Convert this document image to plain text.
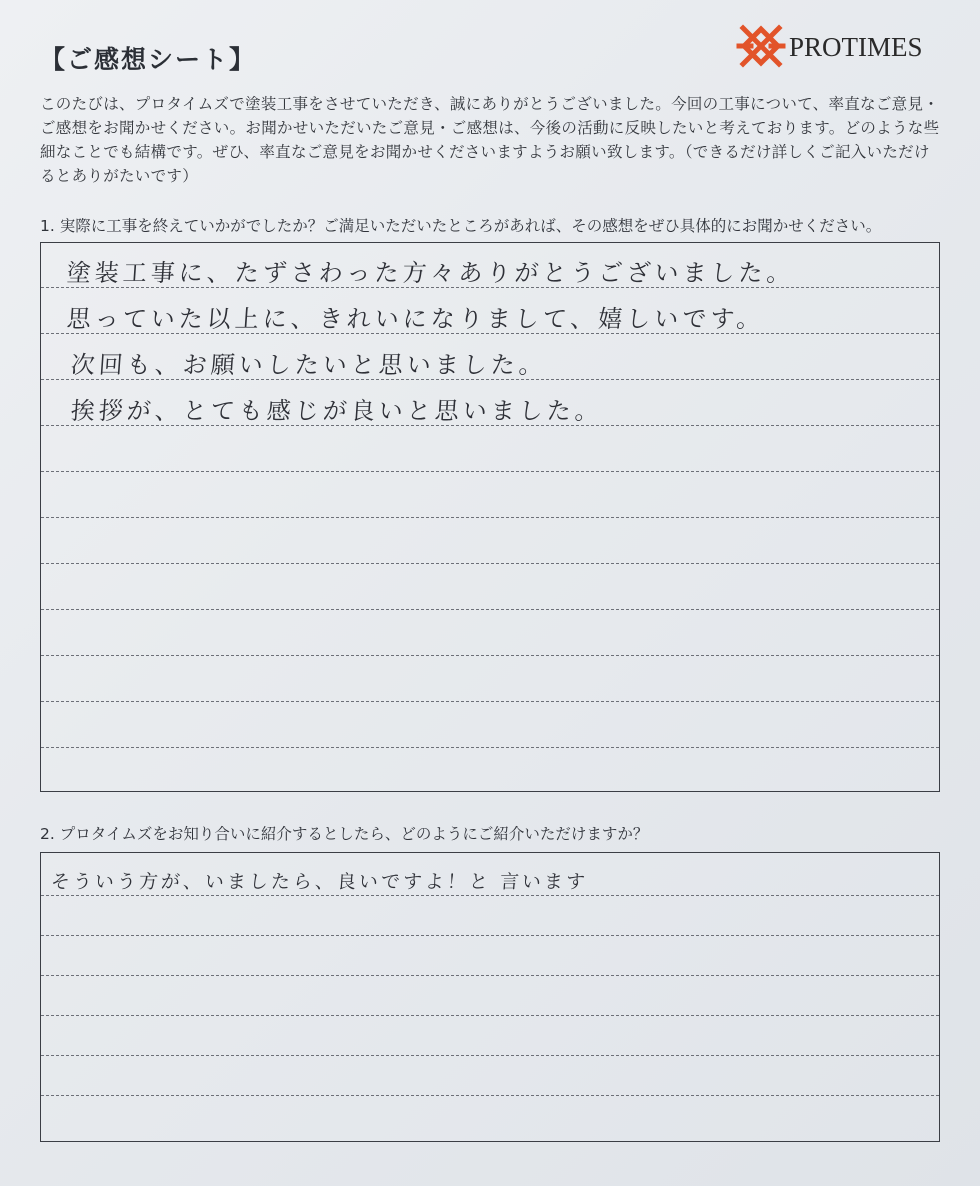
【ご感想シート】	PROTIMES
このたびは、プロタイムズで塗装工事をさせていただき、誠にありがとうございました。今回の工事について、率直なご意見・ご感想をお聞かせください。お聞かせいただいたご意見・ご感想は、今後の活動に反映したいと考えております。どのような些細なことでも結構です。ぜひ、率直なご意見をお聞かせくださいますようお願い致します。（できるだけ詳しくご記入いただけるとありがたいです）
1. 実際に工事を終えていかがでしたか？ご満足いただいたところがあれば、その感想をぜひ具体的にお聞かせください。
塗装工事に、たずさわった方々ありがとうございました。
思っていた以上に、きれいになりまして、嬉しいです。
次回も、お願いしたいと思いました。
挨拶が、とても感じが良いと思いました。
2. プロタイムズをお知り合いに紹介するとしたら、どのようにご紹介いただけますか？
そういう方が、いましたら、良いですよ！と 言います
